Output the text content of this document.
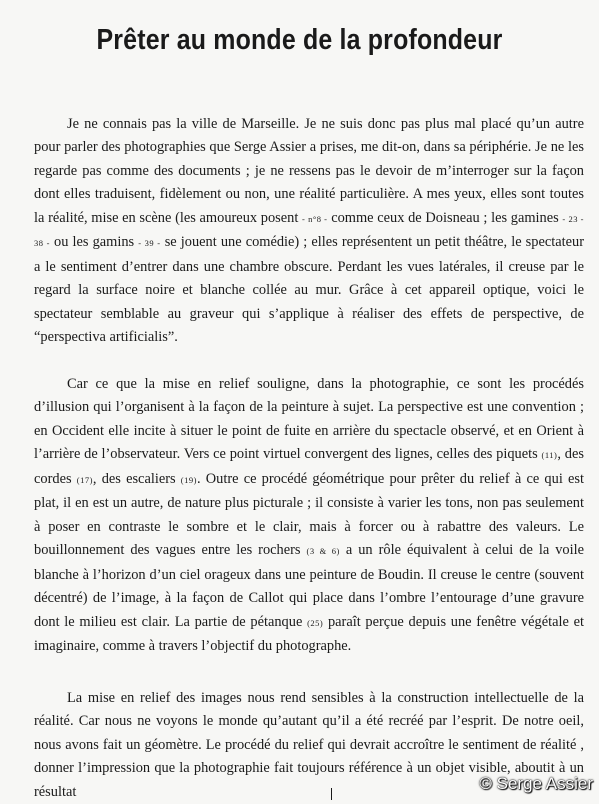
Prêter au monde de la profondeur

Je ne connais pas la ville de Marseille. Je ne suis donc pas plus mal placé qu’un autre pour parler des photographies que Serge Assier a prises, me dit-on, dans sa périphérie. Je ne les regarde pas comme des documents ; je ne ressens pas le devoir de m’interroger sur la façon dont elles traduisent, fidèlement ou non, une réalité particulière. A mes yeux, elles sont toutes la réalité, mise en scène (les amoureux posent - n°8 - comme ceux de Doisneau ; les gamines - 23 - 38 - ou les gamins - 39 - se jouent une comédie) ; elles représentent un petit théâtre, le spectateur a le sentiment d’entrer dans une chambre obscure. Perdant les vues latérales, il creuse par le regard la surface noire et blanche collée au mur. Grâce à cet appareil optique, voici le spectateur semblable au graveur qui s’applique à réaliser des effets de perspective, de “perspectiva artificialis”.

Car ce que la mise en relief souligne, dans la photographie, ce sont les procédés d’illusion qui l’organisent à la façon de la peinture à sujet. La perspective est une convention ; en Occident elle incite à situer le point de fuite en arrière du spectacle observé, et en Orient à l’arrière de l’observateur. Vers ce point virtuel convergent des lignes, celles des piquets (11), des cordes (17), des escaliers (19). Outre ce procédé géométrique pour prêter du relief à ce qui est plat, il en est un autre, de nature plus picturale ; il consiste à varier les tons, non pas seulement à poser en contraste le sombre et le clair, mais à forcer ou à rabattre des valeurs. Le bouillonnement des vagues entre les rochers (3 & 6) a un rôle équivalent à celui de la voile blanche à l’horizon d’un ciel orageux dans une peinture de Boudin. Il creuse le centre (souvent décentré) de l’image, à la façon de Callot qui place dans l’ombre l’entourage d’une gravure dont le milieu est clair. La partie de pétanque (25) paraît perçue depuis une fenêtre végétale et imaginaire, comme à travers l’objectif du photographe.

La mise en relief des images nous rend sensibles à la construction intellectuelle de la réalité. Car nous ne voyons le monde qu’autant qu’il a été recréé par l’esprit. De notre oeil, nous avons fait un géomètre. Le procédé du relief qui devrait accroître le sentiment de réalité , donner l’impression que la photographie fait toujours référence à un objet visible, aboutit à un résultat	© Serge Assier
